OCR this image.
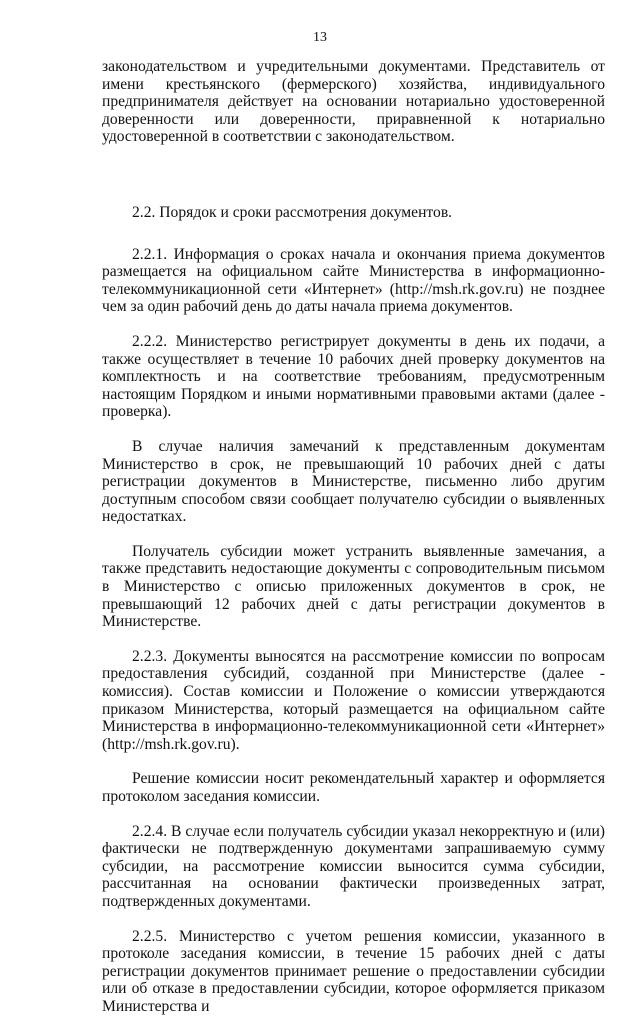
13

законодательством и учредительными документами. Представитель от имени крестьянского (фермерского) хозяйства, индивидуального предпринимателя действует на основании нотариально удостоверенной доверенности или доверенности, приравненной к нотариально удостоверенной в соответствии с законодательством.

2.2. Порядок и сроки рассмотрения документов.

2.2.1. Информация о сроках начала и окончания приема документов размещается на официальном сайте Министерства в информационно-телекоммуникационной сети «Интернет» (http://msh.rk.gov.ru) не позднее чем за один рабочий день до даты начала приема документов.

2.2.2. Министерство регистрирует документы в день их подачи, а также осуществляет в течение 10 рабочих дней проверку документов на комплектность и на соответствие требованиям, предусмотренным настоящим Порядком и иными нормативными правовыми актами (далее - проверка).

В случае наличия замечаний к представленным документам Министерство в срок, не превышающий 10 рабочих дней с даты регистрации документов в Министерстве, письменно либо другим доступным способом связи сообщает получателю субсидии о выявленных недостатках.

Получатель субсидии может устранить выявленные замечания, а также представить недостающие документы с сопроводительным письмом в Министерство с описью приложенных документов в срок, не превышающий 12 рабочих дней с даты регистрации документов в Министерстве.

2.2.3. Документы выносятся на рассмотрение комиссии по вопросам предоставления субсидий, созданной при Министерстве (далее - комиссия). Состав комиссии и Положение о комиссии утверждаются приказом Министерства, который размещается на официальном сайте Министерства в информационно-телекоммуникационной сети «Интернет» (http://msh.rk.gov.ru).

Решение комиссии носит рекомендательный характер и оформляется протоколом заседания комиссии.

2.2.4. В случае если получатель субсидии указал некорректную и (или) фактически не подтвержденную документами запрашиваемую сумму субсидии, на рассмотрение комиссии выносится сумма субсидии, рассчитанная на основании фактически произведенных затрат, подтвержденных документами.

2.2.5. Министерство с учетом решения комиссии, указанного в протоколе заседания комиссии, в течение 15 рабочих дней с даты регистрации документов принимает решение о предоставлении субсидии или об отказе в предоставлении субсидии, которое оформляется приказом Министерства и
